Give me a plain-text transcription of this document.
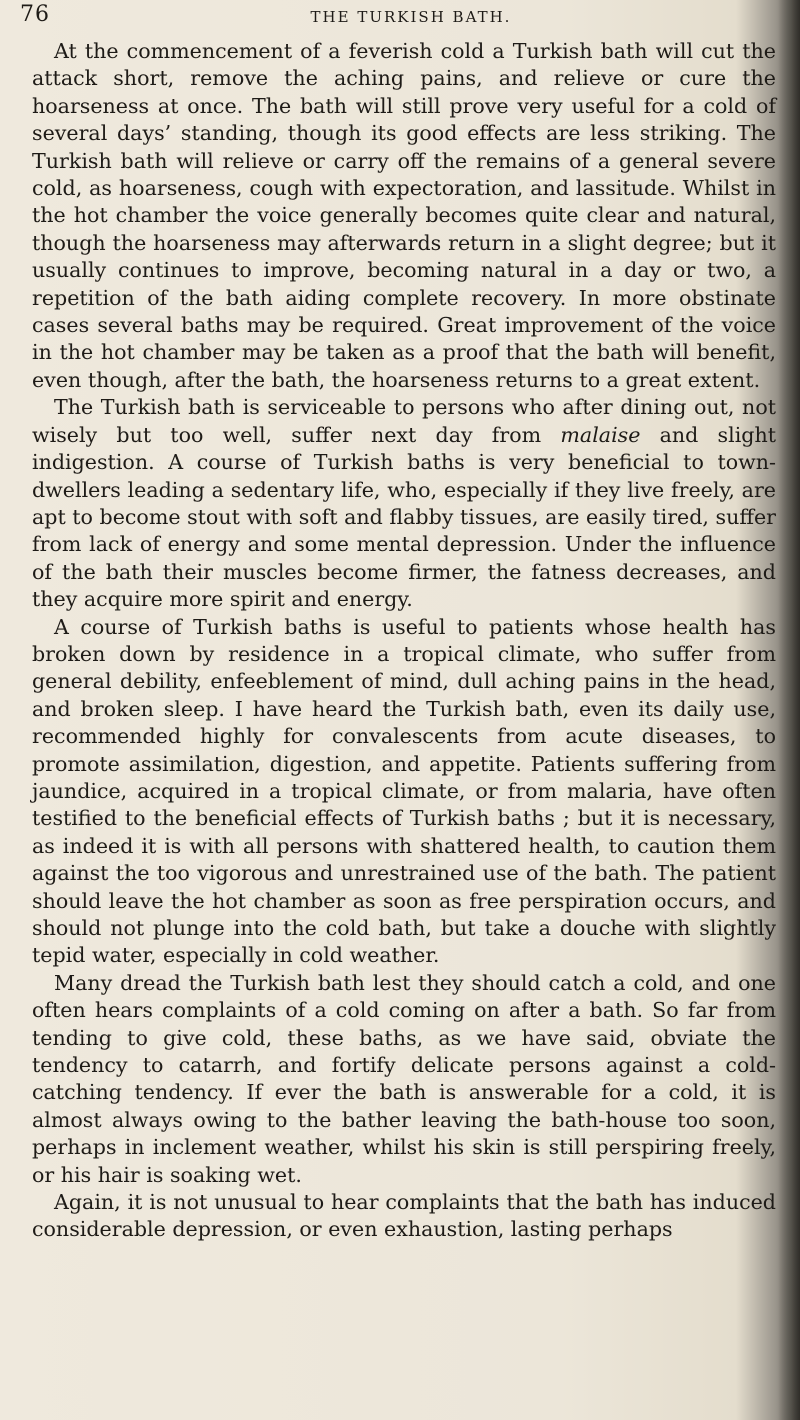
76	THE TURKISH BATH.

At the commencement of a feverish cold a Turkish bath will cut the attack short, remove the aching pains, and relieve or cure the hoarseness at once. The bath will still prove very useful for a cold of several days’ standing, though its good effects are less striking. The Turkish bath will relieve or carry off the remains of a general severe cold, as hoarseness, cough with expectoration, and lassitude. Whilst in the hot chamber the voice generally becomes quite clear and natural, though the hoarseness may afterwards return in a slight degree; but it usually continues to improve, becoming natural in a day or two, a repetition of the bath aiding complete recovery. In more obstinate cases several baths may be required. Great improvement of the voice in the hot chamber may be taken as a proof that the bath will benefit, even though, after the bath, the hoarseness returns to a great extent.

The Turkish bath is serviceable to persons who after dining out, not wisely but too well, suffer next day from malaise and slight indigestion. A course of Turkish baths is very beneficial to town-dwellers leading a sedentary life, who, especially if they live freely, are apt to become stout with soft and flabby tissues, are easily tired, suffer from lack of energy and some mental depression. Under the influence of the bath their muscles become firmer, the fatness decreases, and they acquire more spirit and energy.

A course of Turkish baths is useful to patients whose health has broken down by residence in a tropical climate, who suffer from general debility, enfeeblement of mind, dull aching pains in the head, and broken sleep. I have heard the Turkish bath, even its daily use, recommended highly for convalescents from acute diseases, to promote assimilation, digestion, and appetite. Patients suffering from jaundice, acquired in a tropical climate, or from malaria, have often testified to the beneficial effects of Turkish baths ; but it is necessary, as indeed it is with all persons with shattered health, to caution them against the too vigorous and unrestrained use of the bath. The patient should leave the hot chamber as soon as free perspiration occurs, and should not plunge into the cold bath, but take a douche with slightly tepid water, especially in cold weather.

Many dread the Turkish bath lest they should catch a cold, and one often hears complaints of a cold coming on after a bath. So far from tending to give cold, these baths, as we have said, obviate the tendency to catarrh, and fortify delicate persons against a cold-catching tendency. If ever the bath is answerable for a cold, it is almost always owing to the bather leaving the bath-house too soon, perhaps in inclement weather, whilst his skin is still perspiring freely, or his hair is soaking wet.

Again, it is not unusual to hear complaints that the bath has induced considerable depression, or even exhaustion, lasting perhaps
